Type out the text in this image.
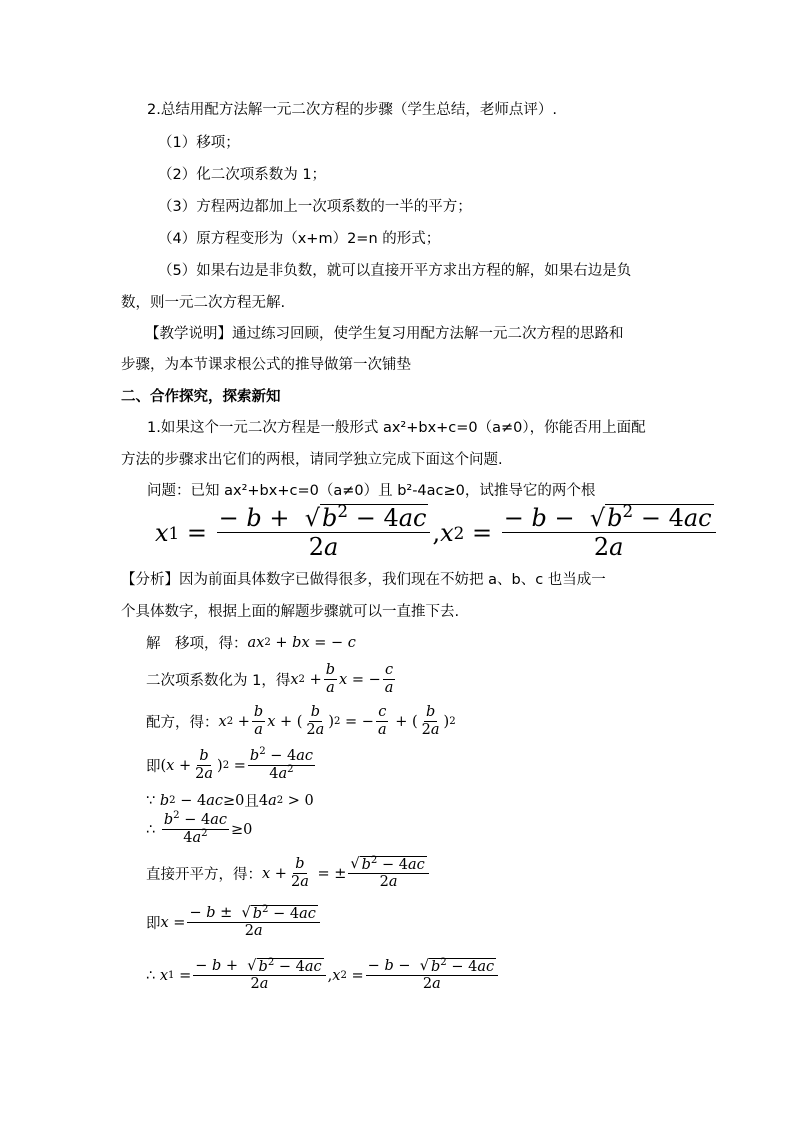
2.总结用配方法解一元二次方程的步骤（学生总结，老师点评）.
（1）移项；
（2）化二次项系数为 1；
（3）方程两边都加上一次项系数的一半的平方；
（4）原方程变形为（x+m）2=n 的形式；
（5）如果右边是非负数，就可以直接开平方求出方程的解，如果右边是负
数，则一元二次方程无解.
【教学说明】通过练习回顾，使学生复习用配方法解一元二次方程的思路和
步骤，为本节课求根公式的推导做第一次铺垫
二、合作探究，探索新知
1.如果这个一元二次方程是一般形式 ax²+bx+c=0（a≠0），你能否用上面配
方法的步骤求出它们的两根，请同学独立完成下面这个问题.
问题：已知 ax²+bx+c=0（a≠0）且 b²-4ac≥0，试推导它的两个根
x $1 = \frac{- b + √ b^2 - 4ac}{2a}$ , x $2 = \frac{- b - √ b^2 - 4ac}{2a}$
【分析】因为前面具体数字已做得很多，我们现在不妨把 a、b、c 也当成一
个具体数字，根据上面的解题步骤就可以一直推下去.
解　移项，得： ax 2 + bx = − c
二次项系数化为 1，得 x $2 + \frac{b}{a}$ x = − $\frac{c}{a}$
配方，得： x $2 + \frac{b}{a}$ x + ( $\frac{b}{2a}$ ) 2 = − $\frac{c}{a}$ + ( $\frac{b}{2a}$ ) 2
即 ( $x + \frac{b}{2a}$ ) $2 = \frac{b^2 - 4ac}{4a^2}$
∵
b 2 − 4 ac ≥0 且 4 a 2 > 0
∴
$\frac{b^2 - 4ac}{4a^2} \ge 0$
直接开平方，得： $x + \frac{b}{2a}$ = ± $\frac{√ b^2 - 4ac}{2a}$
即 $x = \frac{- b \pm √ b^2 - 4ac}{2a}$
∴
x $1 = \frac{- b + √ b^2 - 4ac}{2a}$ , x $2 = \frac{- b - √ b^2 - 4ac}{2a}$
